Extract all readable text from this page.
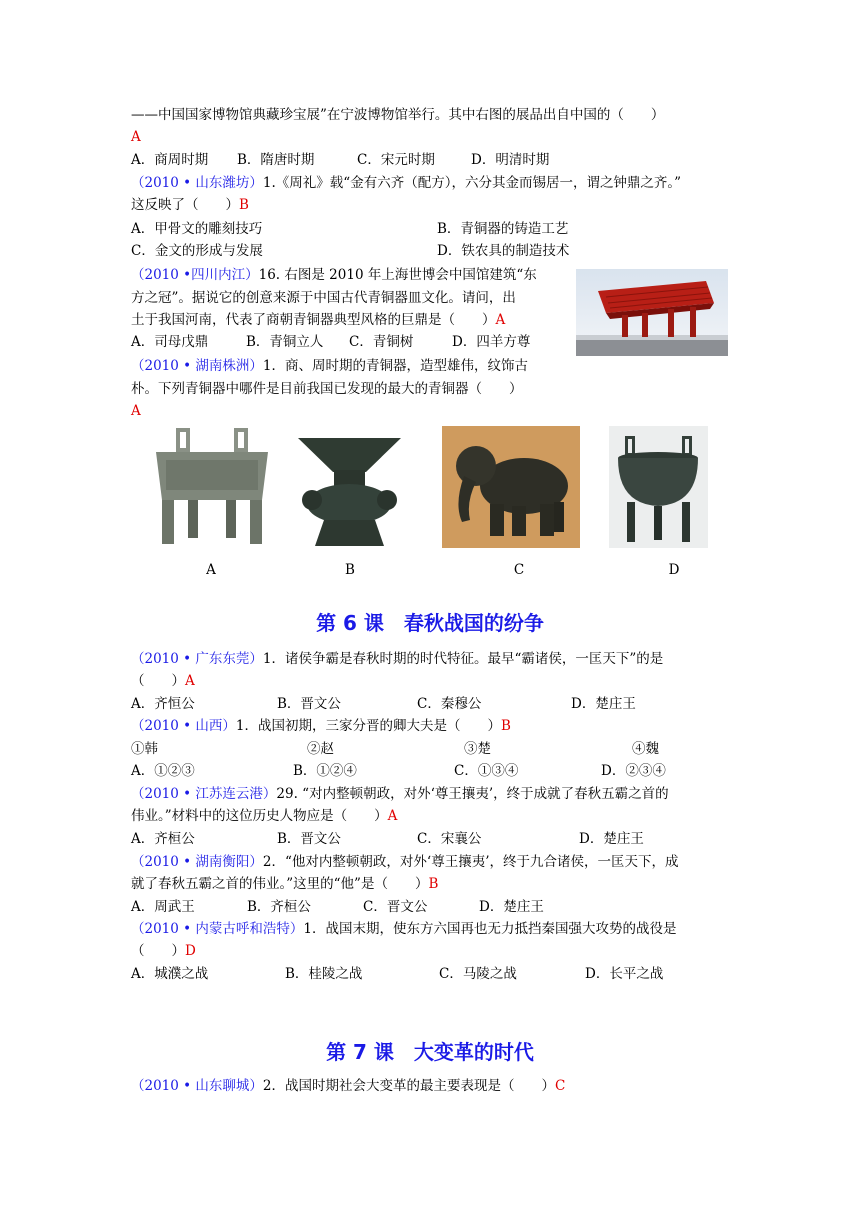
——中国国家博物馆典藏珍宝展”在宁波博物馆举行。其中右图的展品出自中国的（　　）
A
A．商周时期 B．隋唐时期	C．宋元时期	D．明清时期
（2010 • 山东潍坊）1.《周礼》载“金有六齐（配方），六分其金而锡居一，谓之钟鼎之齐。”
这反映了（　　）B
A．甲骨文的雕刻技巧	B．青铜器的铸造工艺
C．金文的形成与发展	D．铁农具的制造技术
（2010 •四川内江）16. 右图是 2010 年上海世博会中国馆建筑“东
方之冠”。据说它的创意来源于中国古代青铜器皿文化。请问，出
土于我国河南，代表了商朝青铜器典型风格的巨鼎是（　　）A
A．司母戊鼎	B．青铜立人 C．青铜树	D．四羊方尊
（2010 • 湖南株洲）1．商、周时期的青铜器，造型雄伟，纹饰古
朴。下列青铜器中哪件是目前我国已发现的最大的青铜器（　　）
A
A	B	C	D
第 6 课　春秋战国的纷争
（2010 • 广东东莞）1．诸侯争霸是春秋时期的时代特征。最早“霸诸侯，一匡天下”的是
（　　）A
A．齐恒公	B．晋文公	C．秦穆公	D．楚庄王
（2010 • 山西）1．战国初期，三家分晋的卿大夫是（　　）B
①韩	②赵	③楚	④魏
A．①②③	B．①②④	C．①③④	D．②③④
（2010 • 江苏连云港）29. “对内整顿朝政，对外‘尊王攘夷’，终于成就了春秋五霸之首的
伟业。”材料中的这位历史人物应是（　　）A
A．齐桓公	B．晋文公	C．宋襄公	D．楚庄王
（2010 • 湖南衡阳）2．“他对内整顿朝政，对外‘尊王攘夷’，终于九合诸侯，一匡天下，成
就了春秋五霸之首的伟业。”这里的“他”是（　　）B
A．周武王	B．齐桓公	C．晋文公	D．楚庄王
（2010 • 内蒙古呼和浩特）1．战国末期，使东方六国再也无力抵挡秦国强大攻势的战役是
（　　）D
A．城濮之战	B．桂陵之战	C．马陵之战	D．长平之战
第 7 课　大变革的时代
（2010 • 山东聊城）2．战国时期社会大变革的最主要表现是（　　）C
